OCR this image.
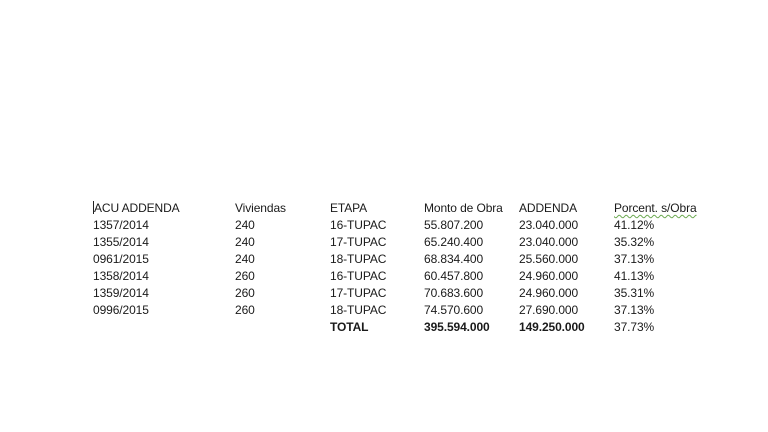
ACU ADDENDA	Viviendas	ETAPA	Monto de Obra	ADDENDA	Porcent. s/Obra
1357/2014	240	16-TUPAC	55.807.200	23.040.000	41.12%
1355/2014	240	17-TUPAC	65.240.400	23.040.000	35.32%
0961/2015	240	18-TUPAC	68.834.400	25.560.000	37.13%
1358/2014	260	16-TUPAC	60.457.800	24.960.000	41.13%
1359/2014	260	17-TUPAC	70.683.600	24.960.000	35.31%
0996/2015	260	18-TUPAC	74.570.600	27.690.000	37.13%
		TOTAL	395.594.000	149.250.000	37.73%
